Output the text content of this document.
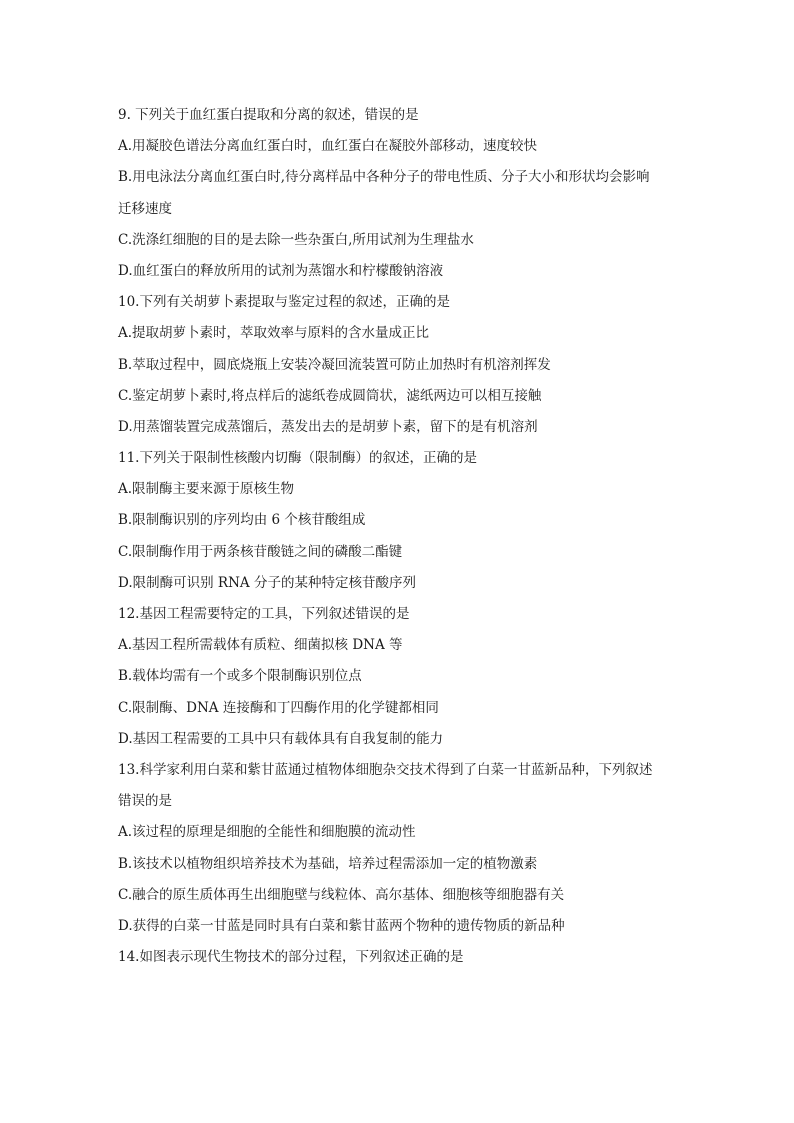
9. 下列关于血红蛋白提取和分离的叙述，错误的是
A.用凝胶色谱法分离血红蛋白时，血红蛋白在凝胶外部移动，速度较快
B.用电泳法分离血红蛋白时,待分离样品中各种分子的带电性质、分子大小和形状均会影响
迁移速度
C.洗涤红细胞的目的是去除一些杂蛋白,所用试剂为生理盐水
D.血红蛋白的释放所用的试剂为蒸馏水和柠檬酸钠溶液
10.下列有关胡萝卜素提取与鉴定过程的叙述，正确的是
A.提取胡萝卜素时，萃取效率与原料的含水量成正比
B.萃取过程中，圆底烧瓶上安装冷凝回流装置可防止加热时有机溶剂挥发
C.鉴定胡萝卜素时,将点样后的滤纸卷成圆筒状，滤纸两边可以相互接触
D.用蒸馏装置完成蒸馏后，蒸发出去的是胡萝卜素，留下的是有机溶剂
11.下列关于限制性核酸内切酶（限制酶）的叙述，正确的是
A.限制酶主要来源于原核生物
B.限制酶识别的序列均由 6 个核苷酸组成
C.限制酶作用于两条核苷酸链之间的磷酸二酯键
D.限制酶可识别 RNA 分子的某种特定核苷酸序列
12.基因工程需要特定的工具，下列叙述错误的是
A.基因工程所需载体有质粒、细菌拟核 DNA 等
B.载体均需有一个或多个限制酶识别位点
C.限制酶、DNA 连接酶和丁四酶作用的化学键都相同
D.基因工程需要的工具中只有载体具有自我复制的能力
13.科学家利用白菜和紫甘蓝通过植物体细胞杂交技术得到了白菜一甘蓝新品种，下列叙述
错误的是
A.该过程的原理是细胞的全能性和细胞膜的流动性
B.该技术以植物组织培养技术为基础，培养过程需添加一定的植物激素
C.融合的原生质体再生出细胞壁与线粒体、高尔基体、细胞核等细胞器有关
D.获得的白菜一甘蓝是同时具有白菜和紫甘蓝两个物种的遗传物质的新品种
14.如图表示现代生物技术的部分过程，下列叙述正确的是
